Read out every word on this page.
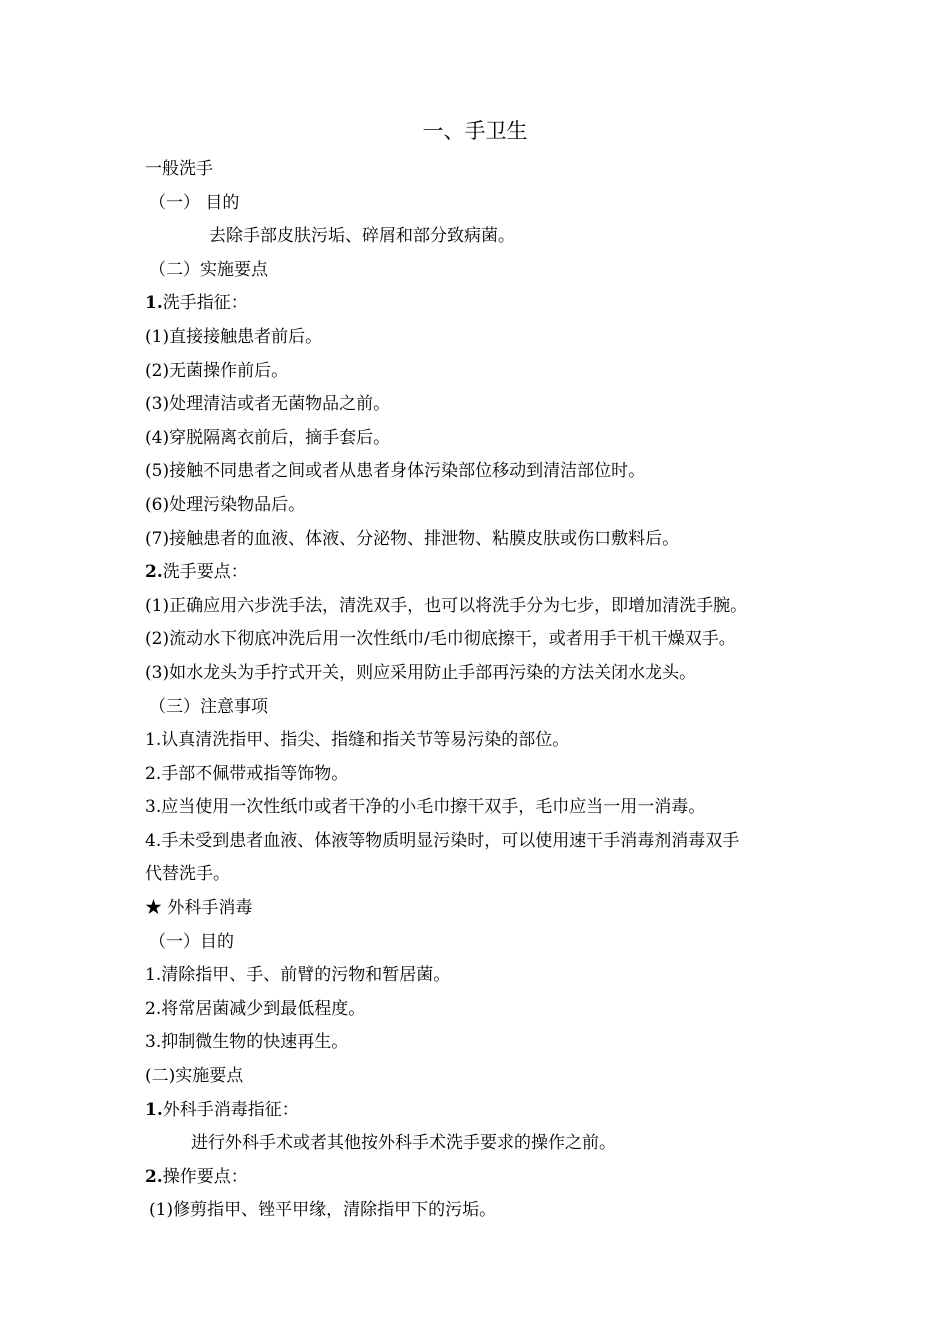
一、手卫生
一般洗手
（一） 目的
去除手部皮肤污垢、碎屑和部分致病菌。
（二）实施要点
1.洗手指征：
(1)直接接触患者前后。
(2)无菌操作前后。
(3)处理清洁或者无菌物品之前。
(4)穿脱隔离衣前后，摘手套后。
(5)接触不同患者之间或者从患者身体污染部位移动到清洁部位时。
(6)处理污染物品后。
(7)接触患者的血液、体液、分泌物、排泄物、粘膜皮肤或伤口敷料后。
2.洗手要点：
(1)正确应用六步洗手法，清洗双手，也可以将洗手分为七步，即增加清洗手腕。
(2)流动水下彻底冲洗后用一次性纸巾/毛巾彻底擦干，或者用手干机干燥双手。
(3)如水龙头为手拧式开关，则应采用防止手部再污染的方法关闭水龙头。
（三）注意事项
1.认真清洗指甲、指尖、指缝和指关节等易污染的部位。
2.手部不佩带戒指等饰物。
3.应当使用一次性纸巾或者干净的小毛巾擦干双手，毛巾应当一用一消毒。
4.手未受到患者血液、体液等物质明显污染时，可以使用速干手消毒剂消毒双手
代替洗手。
★ 外科手消毒
（一）目的
1.清除指甲、手、前臂的污物和暂居菌。
2.将常居菌减少到最低程度。
3.抑制微生物的快速再生。
(二)实施要点
1.外科手消毒指征：
进行外科手术或者其他按外科手术洗手要求的操作之前。
2.操作要点：
(1)修剪指甲、锉平甲缘，清除指甲下的污垢。
